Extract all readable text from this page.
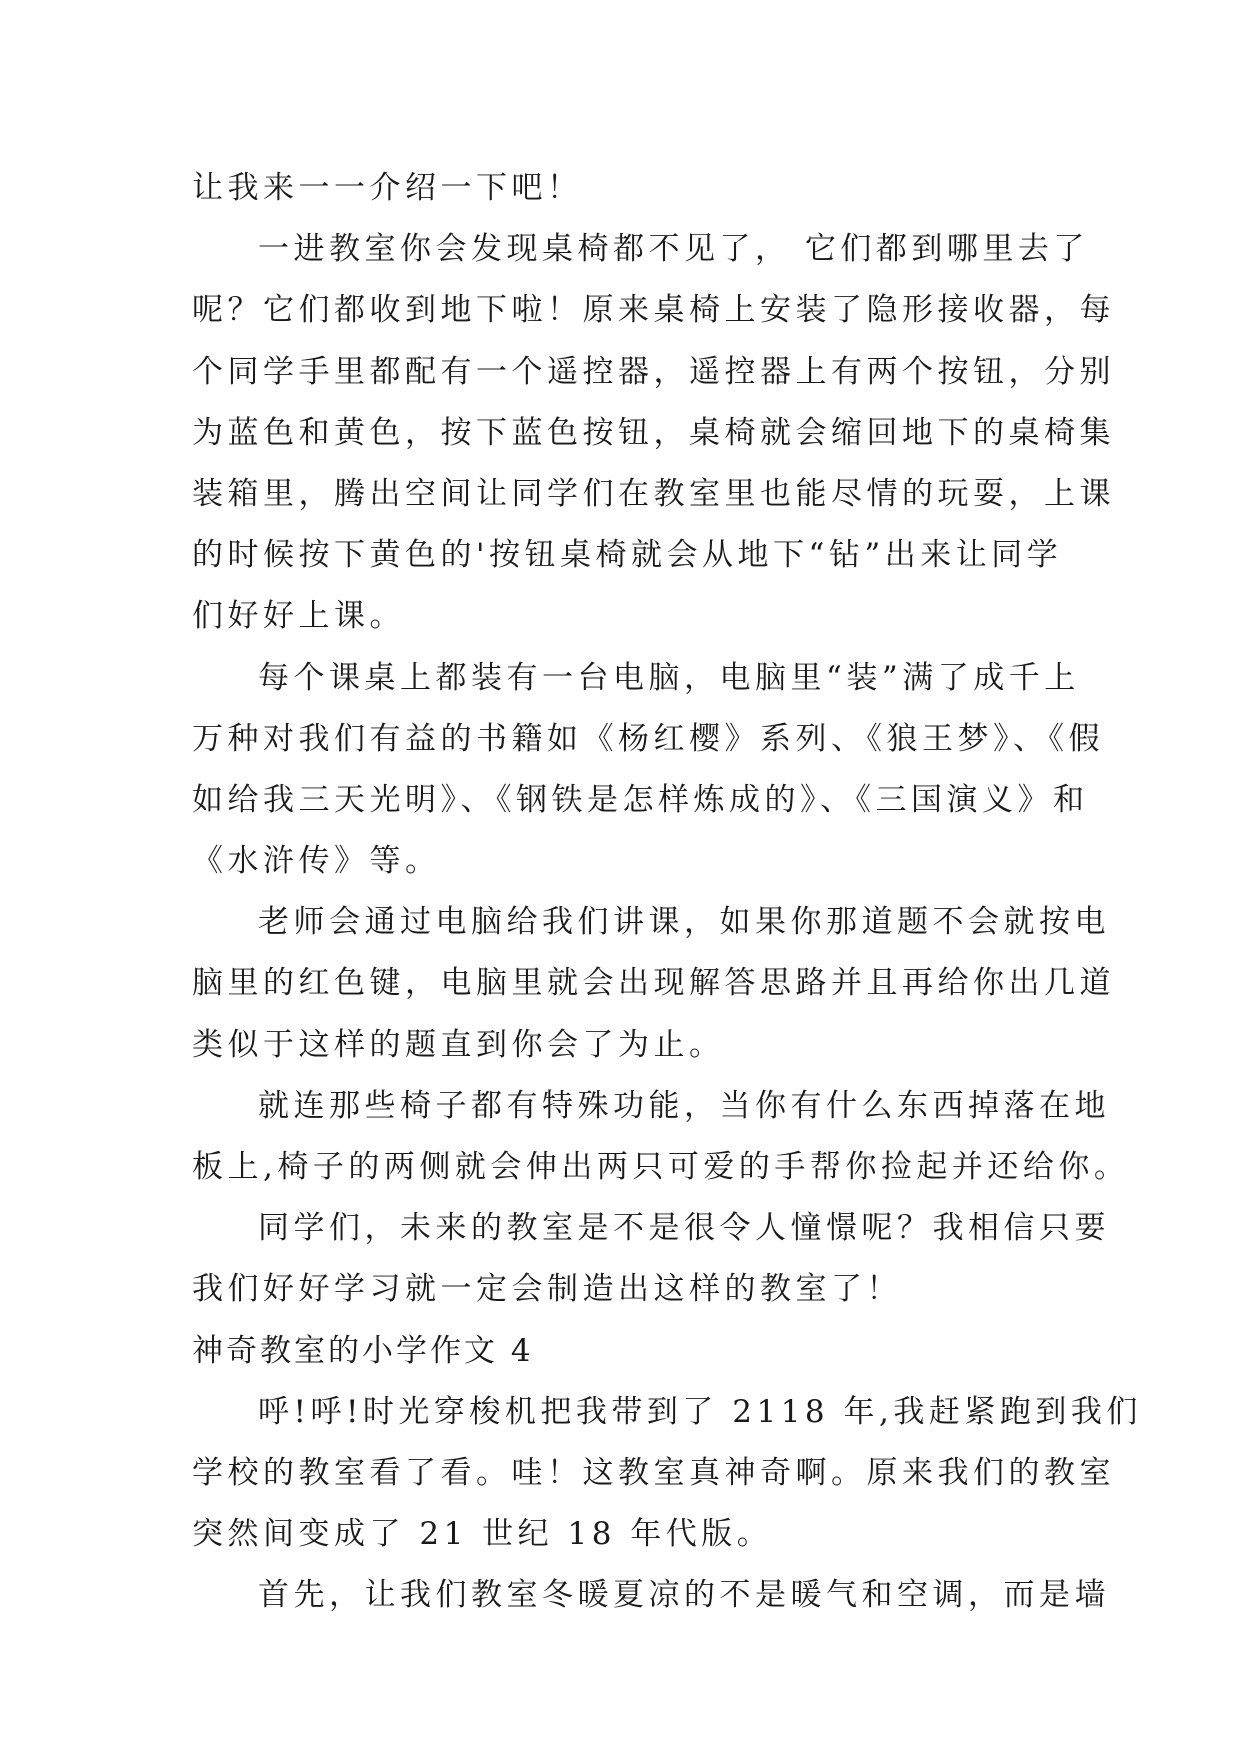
让我来一一介绍一下吧！
一进教室你会发现桌椅都不见了， 它们都到哪里去了
呢？它们都收到地下啦！原来桌椅上安装了隐形接收器，每
个同学手里都配有一个遥控器，遥控器上有两个按钮，分别
为蓝色和黄色，按下蓝色按钮，桌椅就会缩回地下的桌椅集
装箱里，腾出空间让同学们在教室里也能尽情的玩耍，上课
的时候按下黄色的'按钮桌椅就会从地下“钻”出来让同学
们好好上课。
每个课桌上都装有一台电脑，电脑里“装”满了成千上
万种对我们有益的书籍如《杨红樱》系列、《狼王梦》、《假
如给我三天光明》、《钢铁是怎样炼成的》、《三国演义》和
《水浒传》等。
老师会通过电脑给我们讲课，如果你那道题不会就按电
脑里的红色键，电脑里就会出现解答思路并且再给你出几道
类似于这样的题直到你会了为止。
就连那些椅子都有特殊功能，当你有什么东西掉落在地
板上,椅子的两侧就会伸出两只可爱的手帮你捡起并还给你。
同学们，未来的教室是不是很令人憧憬呢？我相信只要
我们好好学习就一定会制造出这样的教室了！
神奇教室的小学作文 4
呼!呼!时光穿梭机把我带到了 2118 年,我赶紧跑到我们
学校的教室看了看。哇！这教室真神奇啊。原来我们的教室
突然间变成了 21 世纪 18 年代版。
首先，让我们教室冬暖夏凉的不是暖气和空调，而是墙
